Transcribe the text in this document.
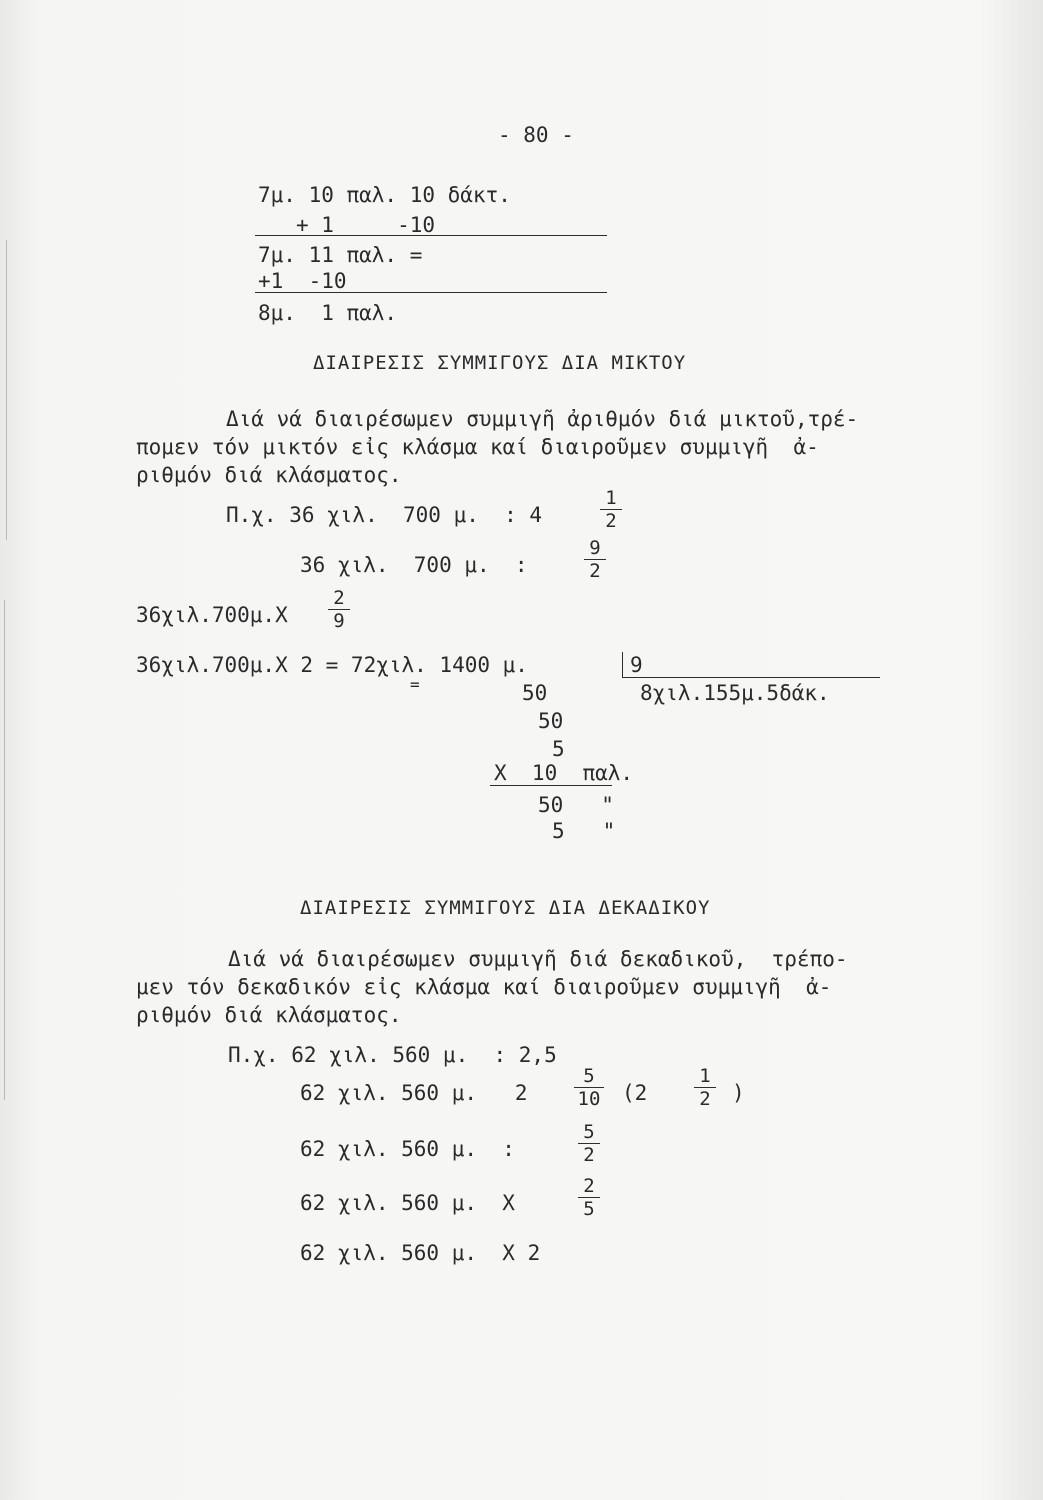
- 80 -
7μ. 10 παλ. 10 δάκτ.
+ 1     -10
7μ. 11 παλ. =
+1  -10
8μ.  1 παλ.
ΔΙΑΙΡΕΣΙΣ ΣΥΜΜΙΓΟΥΣ ΔΙΑ ΜΙΚΤΟΥ
Διά νά διαιρέσωμεν συμμιγῆ ἀριθμόν διά μικτοῦ,τρέ-
πομεν τόν μικτόν εἰς κλάσμα καί διαιροῦμεν συμμιγῆ  ἀ-
ριθμόν διά κλάσματος.
Π.χ. 36 χιλ.  700 μ.  : 4	$\frac{1}{2}$
36 χιλ.  700 μ.  :	$\frac{9}{2}$
$36\chi\iota\lambda.700\mu.X \frac{2}{9}$
36χιλ.700μ.Χ 2 = 72χιλ. 1400 μ.
=
9
8χιλ.155μ.5δάκ.
50
50
5
Χ  10  παλ.
50   "
5   "
ΔΙΑΙΡΕΣΙΣ ΣΥΜΜΙΓΟΥΣ ΔΙΑ ΔΕΚΑΔΙΚΟΥ
Διά νά διαιρέσωμεν συμμιγῆ διά δεκαδικοῦ,  τρέπο-
μεν τόν δεκαδικόν εἰς κλάσμα καί διαιροῦμεν συμμιγῆ  ἀ-
ριθμόν διά κλάσματος.
Π.χ. 62 χιλ. 560 μ.  : 2,5
62 χιλ. 560 μ.   $2 \frac{5}{10} (2 \frac{1}{2}$ )
62 χιλ. 560 μ.  :	$\frac{5}{2}$
62 χιλ. 560 μ.  Χ	$\frac{2}{5}$
62 χιλ. 560 μ.  Χ 2
